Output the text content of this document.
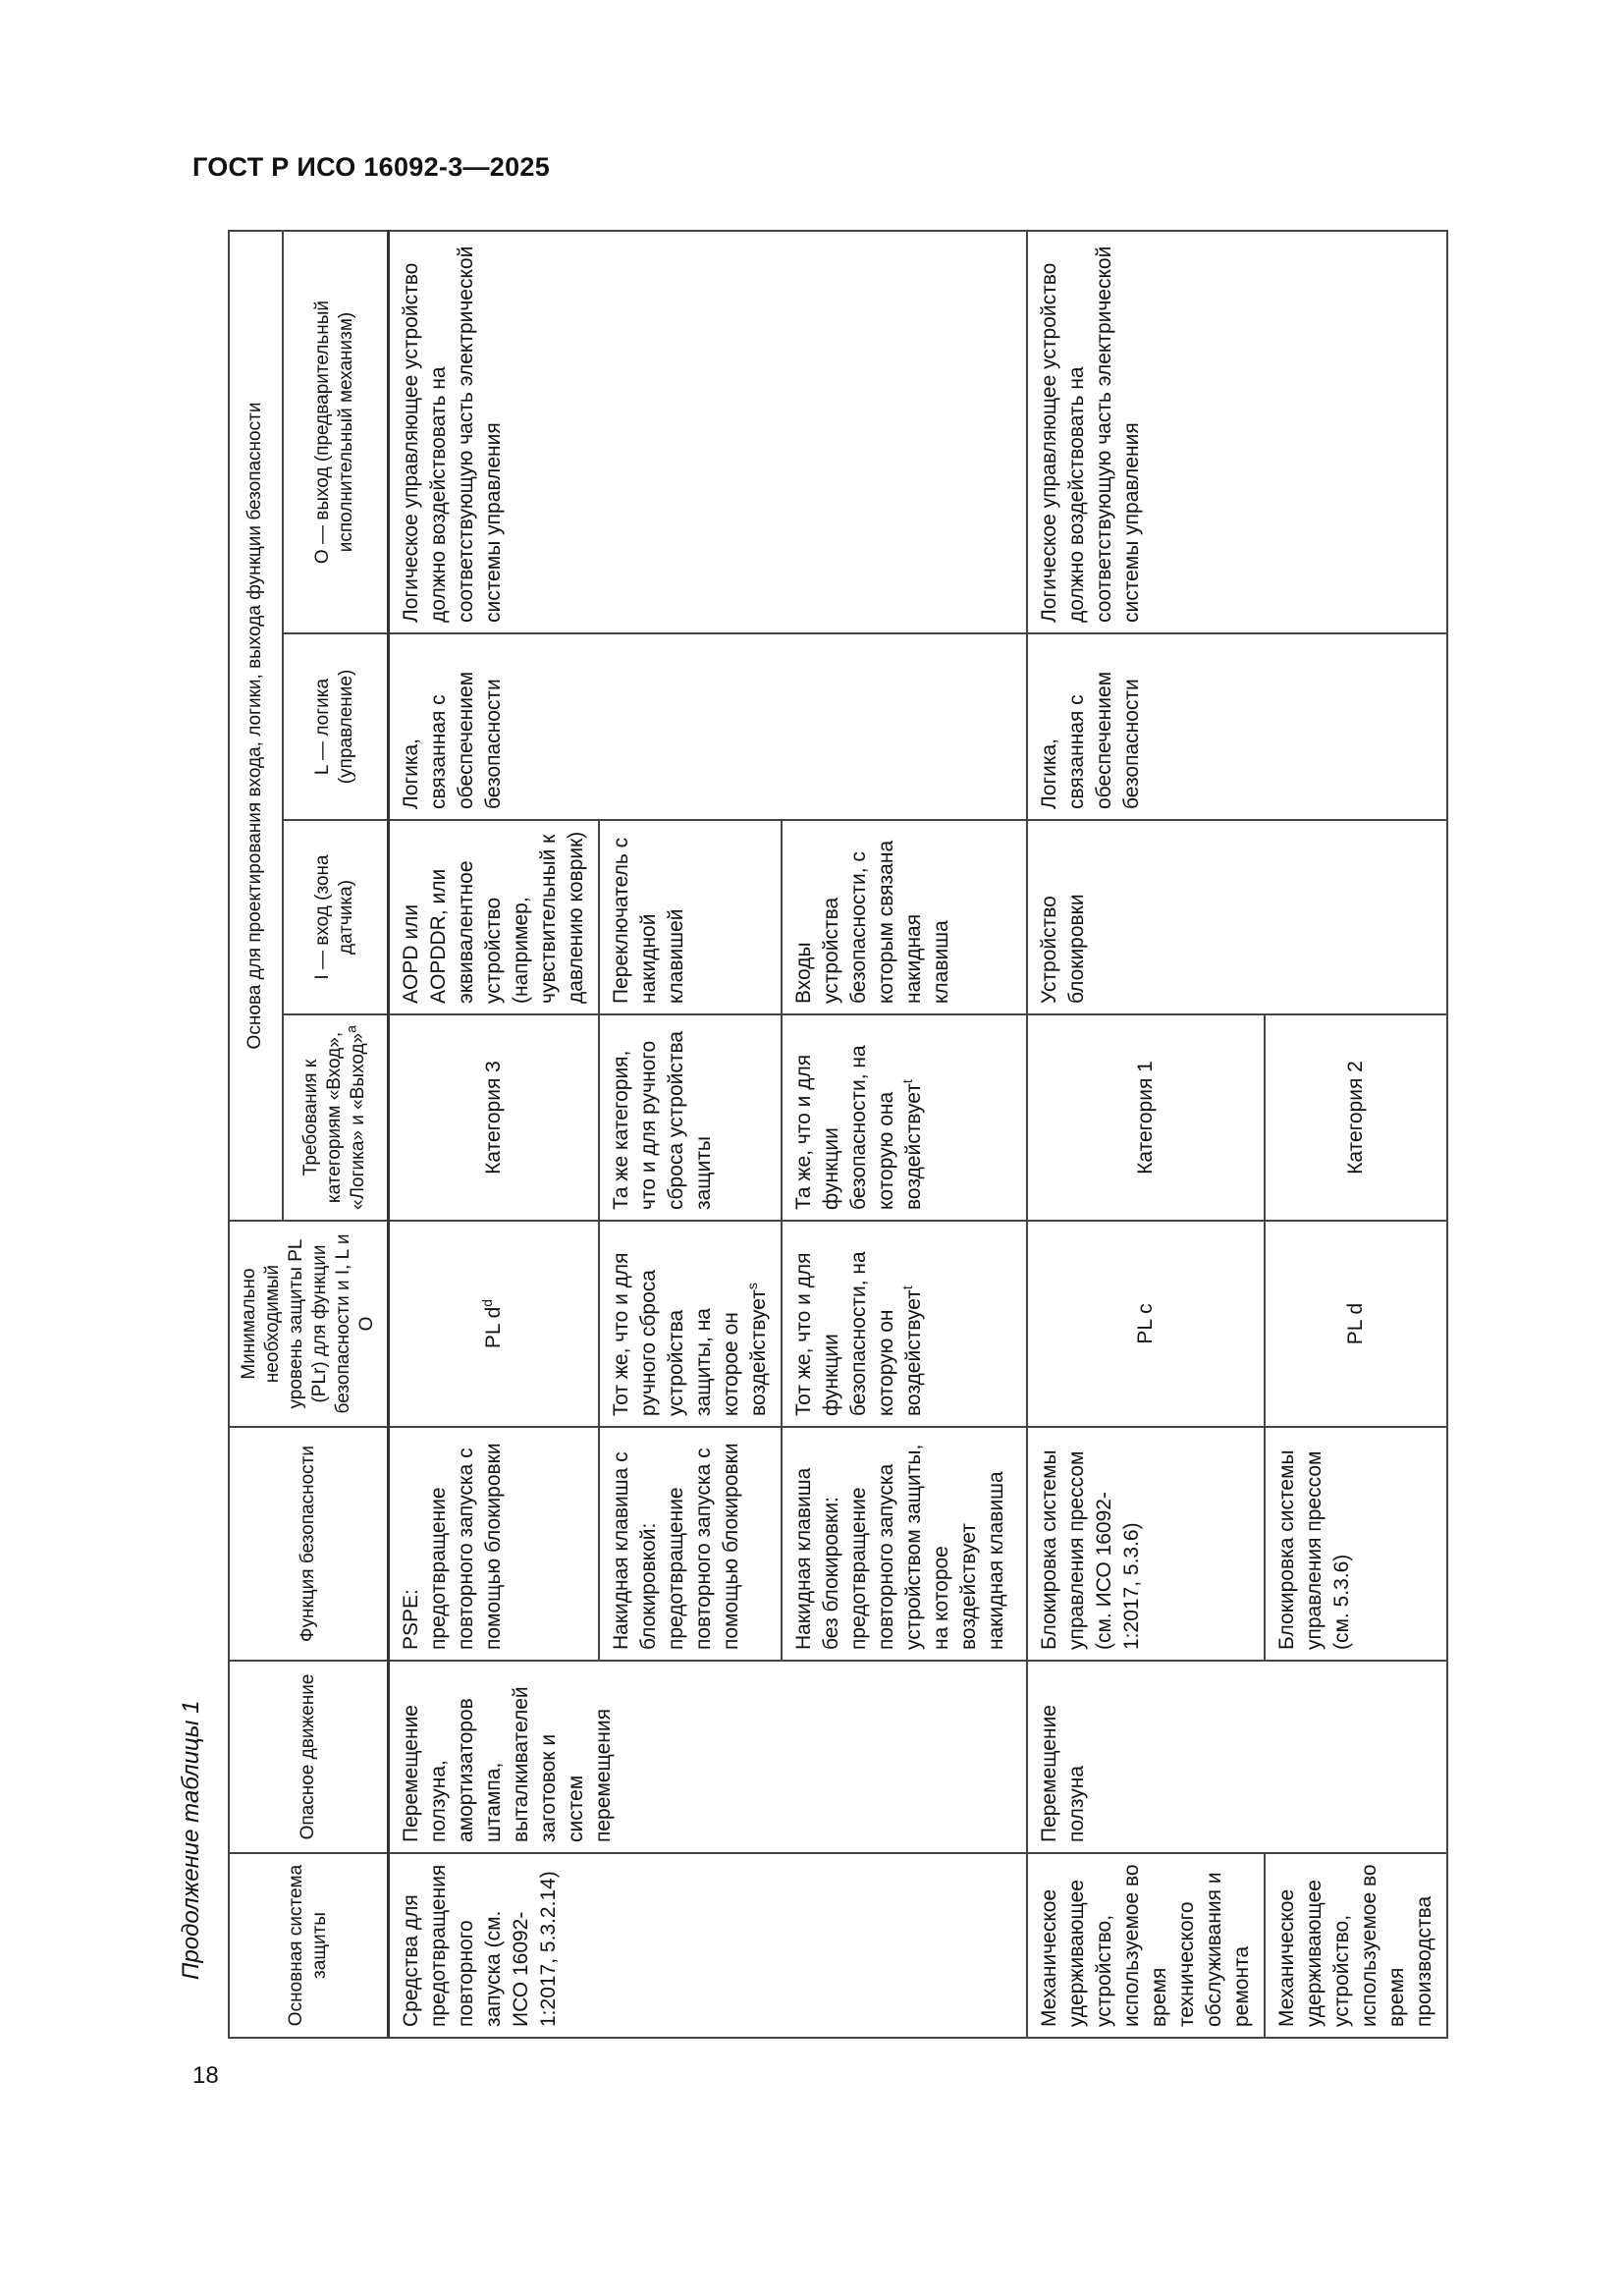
ГОСТ Р ИСО 16092-3—2025
18
Продолжение таблицы 1	Основная система защиты	Опасное движение	Функция безопасности	Минимально необходимый уровень защиты PL (PLr) для функции безопасности и I, L и O	Основа для проектирования входа, логики, выхода функции безопасности			
				Требования к категориям «Вход», «Логика» и «Выход»$^a$	I — вход (зона датчика)	L — логика (управление)	O — выход (предварительный исполнительный механизм)
Средства для предотвращения повторного запуска (см. ИСО 16092-1:2017, 5.3.2.14)	Перемещение ползуна, амортизаторов штампа, выталкивателей заготовок и систем перемещения	PSPE: предотвращение повторного запуска с помощью блокировки	PL $d^d$	Категория 3	AOPD или AOPDDR, или эквивалентное устройство (например, чувствительный к давлению коврик)	Логика, связанная с обеспечением безопасности	Логическое управляющее устройство должно воздействовать на соответствующую часть электрической системы управления
		Накидная клавиша с блокировкой: предотвращение повторного запуска с помощью блокировки	Тот же, что и для ручного сброса устройства защиты, на которое он воздействует$^s$	Та же категория, что и для ручного сброса устройства защиты	Переключатель с накидной клавишей		
		Накидная клавиша без блокировки: предотвращение повторного запуска устройством защиты, на которое воздействует накидная клавиша	Тот же, что и для функции безопасности, на которую он воздействует$^t$	Та же, что и для функции безопасности, на которую она воздействует$^t$	Входы устройства безопасности, с которым связана накидная клавиша		
Механическое удерживающее устройство, используемое во время технического обслуживания и ремонта	Перемещение ползуна	Блокировка системы управления прессом (см. ИСО 16092-1:2017, 5.3.6)	PL c	Категория 1	Устройство блокировки	Логика, связанная с обеспечением безопасности	Логическое управляющее устройство должно воздействовать на соответствующую часть электрической системы управления
Механическое удерживающее устройство, используемое во время производства		Блокировка системы управления прессом (см. 5.3.6)	PL d	Категория 2			
